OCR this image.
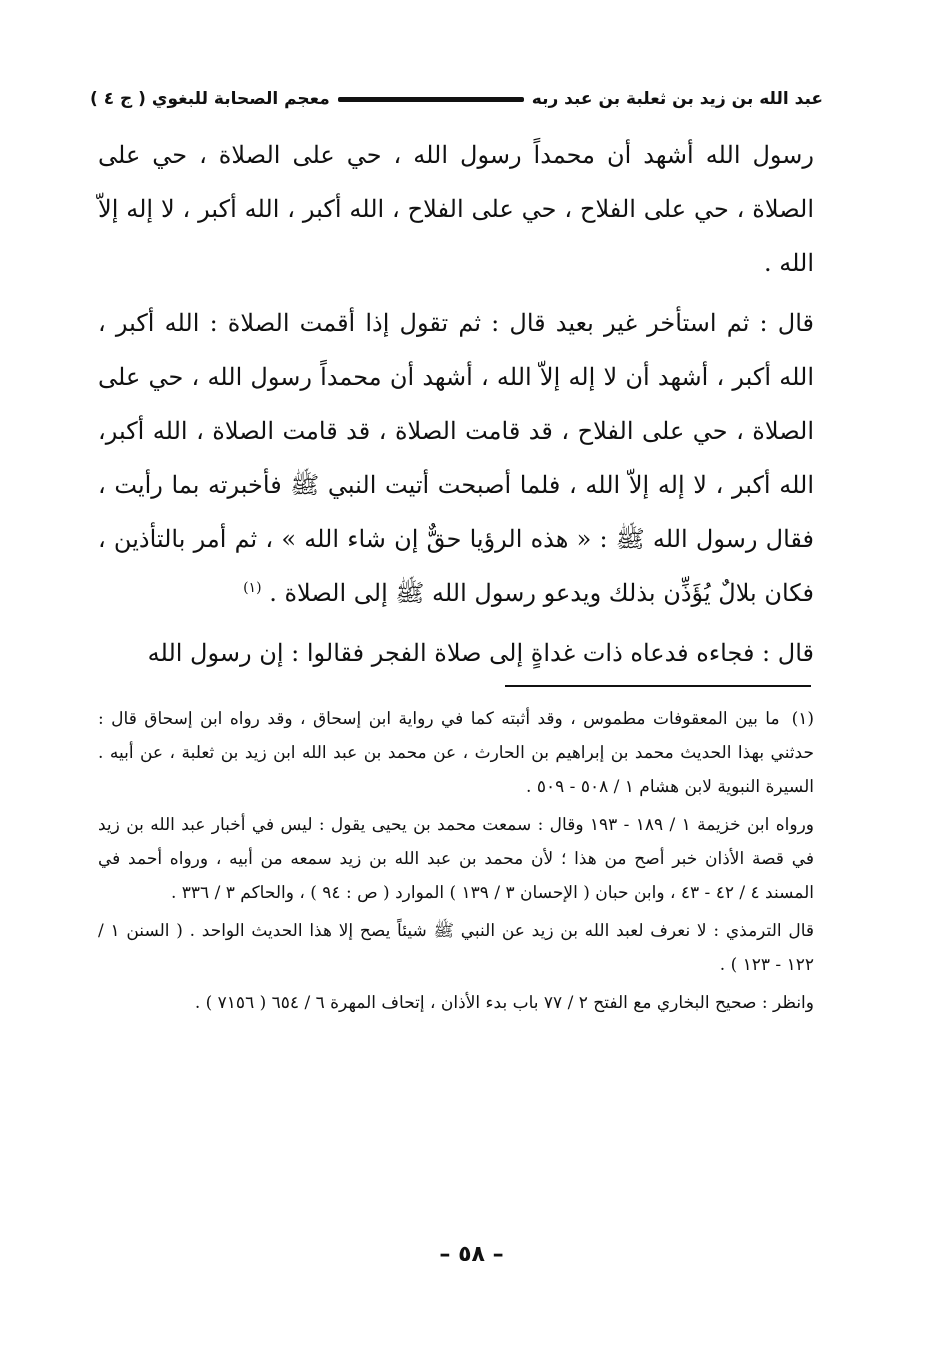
عبد الله بن زيد بن ثعلبة بن عبد ربه
معجم الصحابة للبغوي ( ج ٤ )

رسول الله أشهد أن محمداً رسول الله ، حي على الصلاة ، حي على الصلاة ، حي على الفلاح ، حي على الفلاح ، الله أكبر ، الله أكبر ، لا إله إلاّ الله .

قال : ثم استأخر غير بعيد قال : ثم تقول إذا أقمت الصلاة : الله أكبر ، الله أكبر ، أشهد أن لا إله إلاّ الله ، أشهد أن محمداً رسول الله ، حي على الصلاة ، حي على الفلاح ، قد قامت الصلاة ، قد قامت الصلاة ، الله أكبر، الله أكبر ، لا إله إلاّ الله ، فلما أصبحت أتيت النبي ﷺ فأخبرته بما رأيت ، فقال رسول الله ﷺ : « هذه الرؤيا حقٌّ إن شاء الله » ، ثم أمر بالتأذين ، فكان بلالٌ يُؤَذِّن بذلك ويدعو رسول الله ﷺ إلى الصلاة . $^{(١)}$

قال : فجاءه فدعاه ذات غداةٍ إلى صلاة الفجر فقالوا : إن رسول الله

(١)ما بين المعقوفات مطموس ، وقد أثبته كما في رواية ابن إسحاق ، وقد رواه ابن إسحاق قال : حدثني بهذا الحديث محمد بن إبراهيم بن الحارث ، عن محمد بن عبد الله ابن زيد بن ثعلبة ، عن أبيه . السيرة النبوية لابن هشام ١ / ٥٠٨ - ٥٠٩ .

ورواه ابن خزيمة ١ / ١٨٩ - ١٩٣ وقال : سمعت محمد بن يحيى يقول : ليس في أخبار عبد الله بن زيد في قصة الأذان خبر أصح من هذا ؛ لأن محمد بن عبد الله بن زيد سمعه من أبيه ، ورواه أحمد في المسند ٤ / ٤٢ - ٤٣ ، وابن حبان ( الإحسان ٣ / ١٣٩ ) الموارد ( ص : ٩٤ ) ، والحاكم ٣ / ٣٣٦ .

قال الترمذي : لا نعرف لعبد الله بن زيد عن النبي ﷺ شيئاً يصح إلا هذا الحديث الواحد . ( السنن ١ / ١٢٢ - ١٢٣ ) .

وانظر : صحيح البخاري مع الفتح ٢ / ٧٧ باب بدء الأذان ، إتحاف المهرة ٦ / ٦٥٤ ( ٧١٥٦ ) .

– ٥٨ –
